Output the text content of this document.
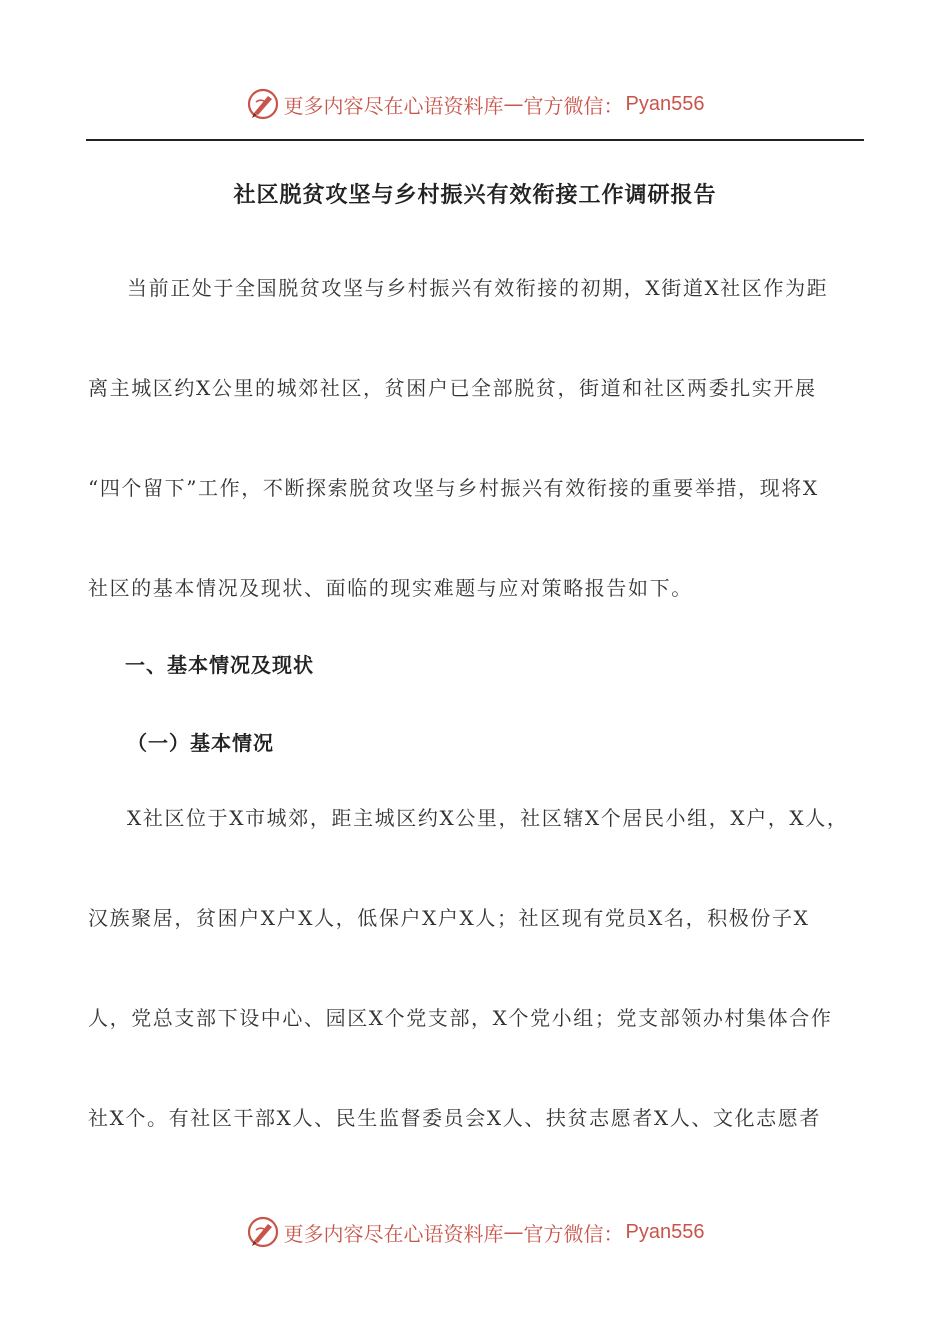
更多内容尽在心语资料库 — 官方微信： Pyan556
社区脱贫攻坚与乡村振兴有效衔接工作调研报告
当前正处于全国脱贫攻坚与乡村振兴有效衔接的初期，X街道X社区作为距
离主城区约X公里的城郊社区，贫困户已全部脱贫，街道和社区两委扎实开展
“四个留下”工作，不断探索脱贫攻坚与乡村振兴有效衔接的重要举措，现将X
社区的基本情况及现状、面临的现实难题与应对策略报告如下。
一、基本情况及现状
（一）基本情况
X社区位于X市城郊，距主城区约X公里，社区辖X个居民小组，X户，X人，
汉族聚居，贫困户X户X人，低保户X户X人；社区现有党员X名，积极份子X
人，党总支部下设中心、园区X个党支部，X个党小组；党支部领办村集体合作
社X个。有社区干部X人、民生监督委员会X人、扶贫志愿者X人、文化志愿者
更多内容尽在心语资料库 — 官方微信： Pyan556
